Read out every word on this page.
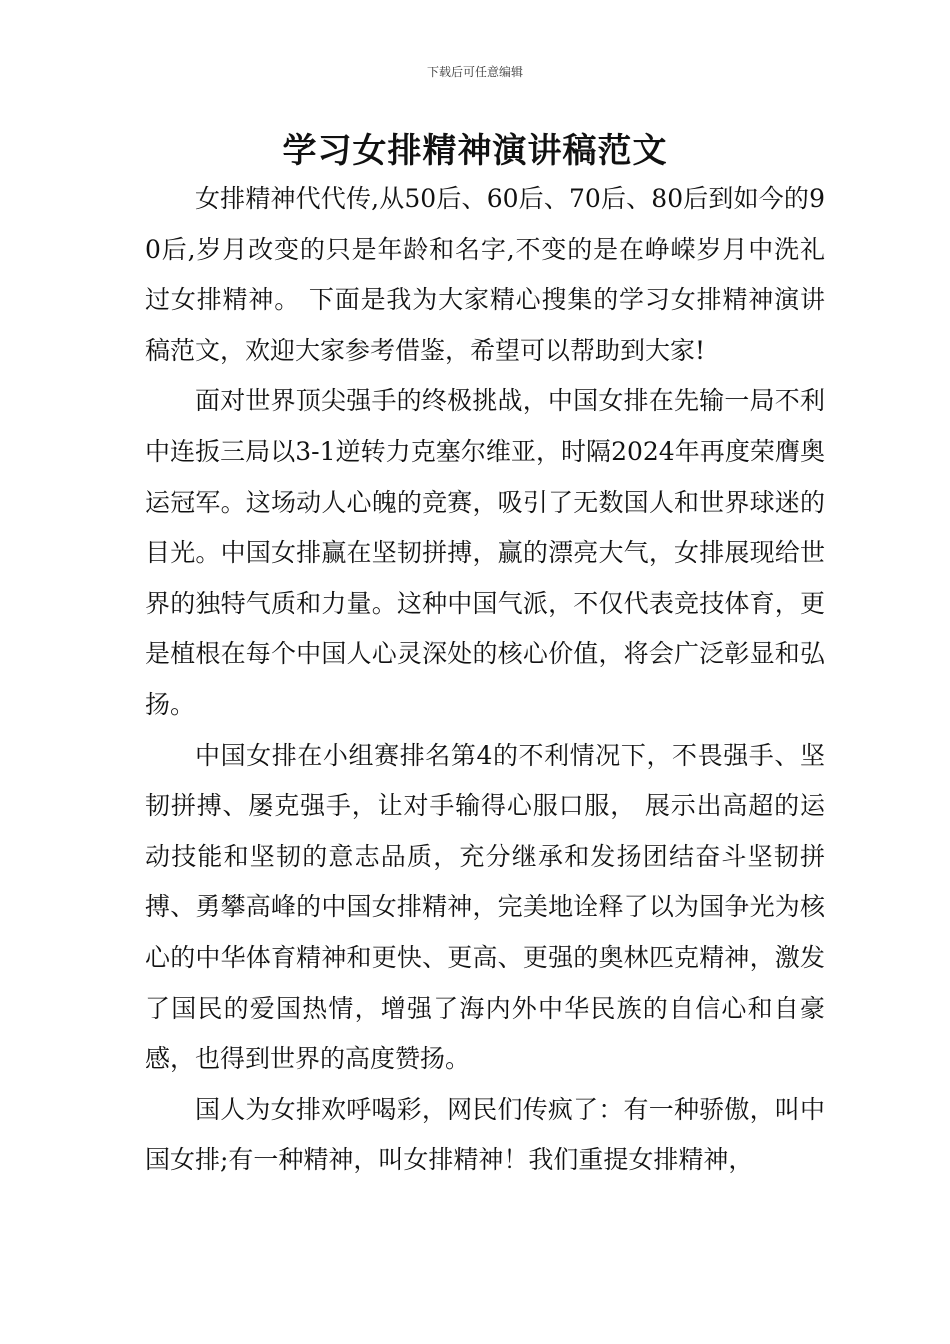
下载后可任意编辑
学习女排精神演讲稿范文

女排精神代代传,从50后、60后、70后、80后到如今的90后,岁月改变的只是年龄和名字,不变的是在峥嵘岁月中洗礼过女排精神。 下面是我为大家精心搜集的学习女排精神演讲稿范文，欢迎大家参考借鉴，希望可以帮助到大家!

面对世界顶尖强手的终极挑战，中国女排在先输一局不利中连扳三局以3-1逆转力克塞尔维亚，时隔2024年再度荣膺奥运冠军。这场动人心魄的竞赛，吸引了无数国人和世界球迷的目光。中国女排赢在坚韧拼搏，赢的漂亮大气，女排展现给世界的独特气质和力量。这种中国气派，不仅代表竞技体育，更是植根在每个中国人心灵深处的核心价值，将会广泛彰显和弘扬。

中国女排在小组赛排名第4的不利情况下，不畏强手、坚韧拼搏、屡克强手，让对手输得心服口服， 展示出高超的运动技能和坚韧的意志品质，充分继承和发扬团结奋斗坚韧拼搏、勇攀高峰的中国女排精神，完美地诠释了以为国争光为核心的中华体育精神和更快、更高、更强的奥林匹克精神，激发了国民的爱国热情，增强了海内外中华民族的自信心和自豪感，也得到世界的高度赞扬。

国人为女排欢呼喝彩，网民们传疯了：有一种骄傲，叫中国女排;有一种精神，叫女排精神！我们重提女排精神，
